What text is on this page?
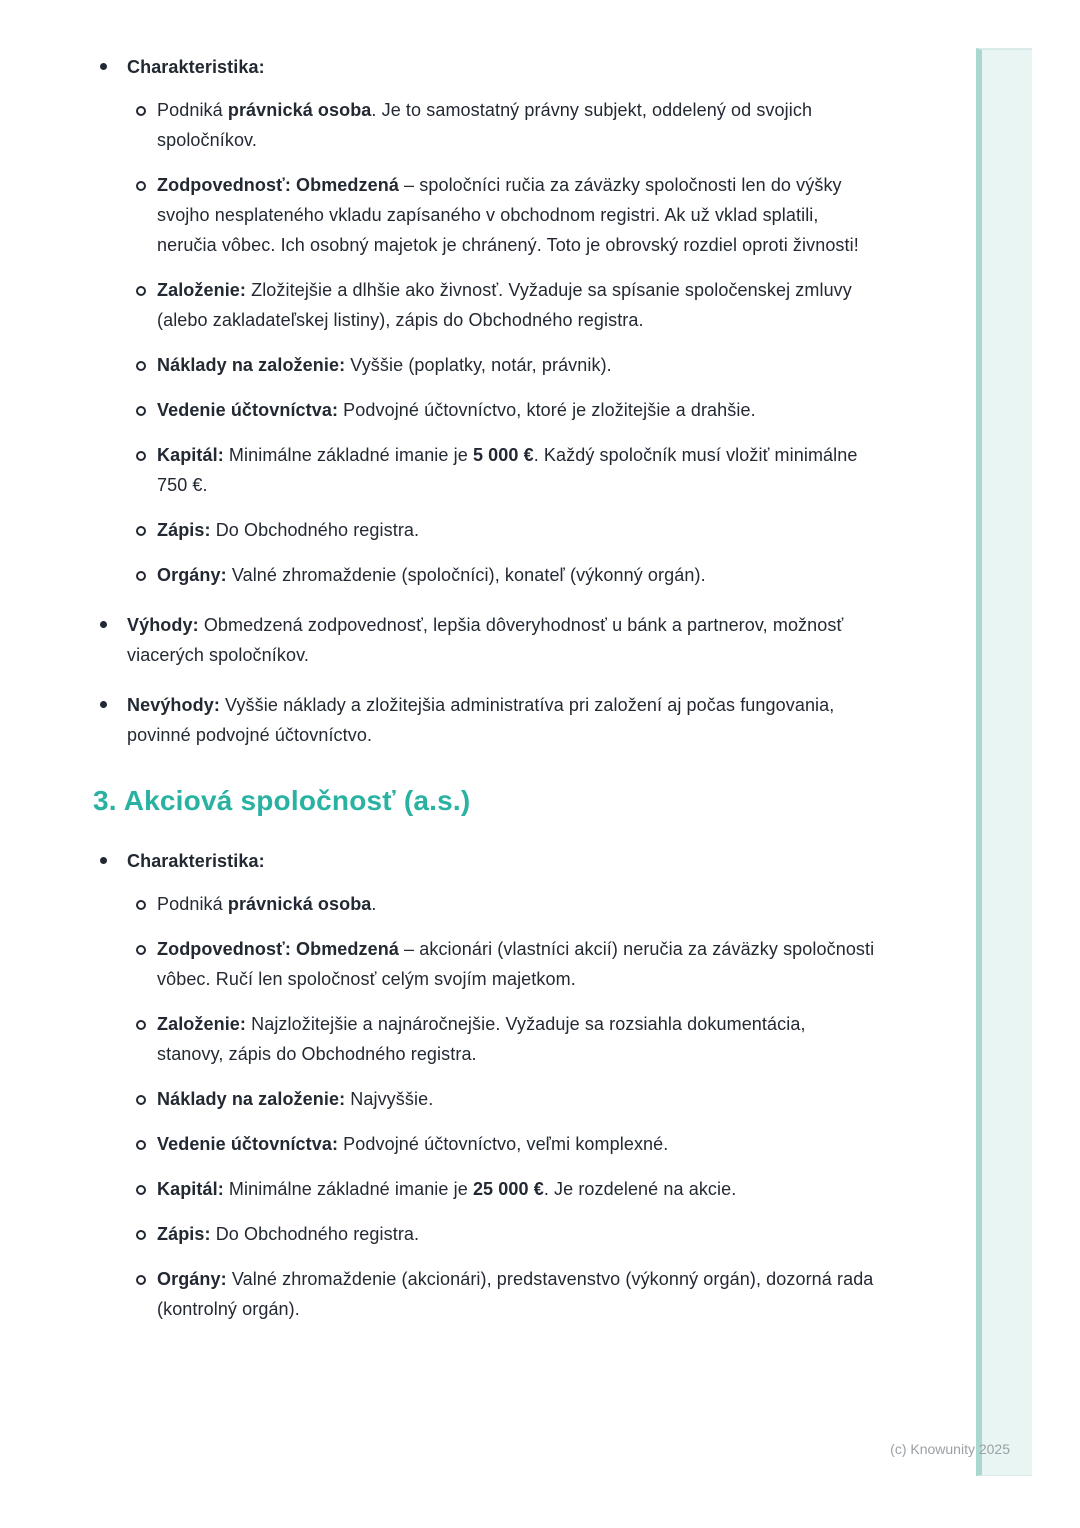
Charakteristika:
Podniká právnická osoba. Je to samostatný právny subjekt, oddelený od svojich spoločníkov.
Zodpovednosť: Obmedzená – spoločníci ručia za záväzky spoločnosti len do výšky svojho nesplateného vkladu zapísaného v obchodnom registri. Ak už vklad splatili, neručia vôbec. Ich osobný majetok je chránený. Toto je obrovský rozdiel oproti živnosti!
Založenie: Zložitejšie a dlhšie ako živnosť. Vyžaduje sa spísanie spoločenskej zmluvy (alebo zakladateľskej listiny), zápis do Obchodného registra.
Náklady na založenie: Vyššie (poplatky, notár, právnik).
Vedenie účtovníctva: Podvojné účtovníctvo, ktoré je zložitejšie a drahšie.
Kapitál: Minimálne základné imanie je 5 000 €. Každý spoločník musí vložiť minimálne 750 €.
Zápis: Do Obchodného registra.
Orgány: Valné zhromaždenie (spoločníci), konateľ (výkonný orgán).
Výhody: Obmedzená zodpovednosť, lepšia dôveryhodnosť u bánk a partnerov, možnosť viacerých spoločníkov.
Nevýhody: Vyššie náklady a zložitejšia administratíva pri založení aj počas fungovania, povinné podvojné účtovníctvo.
3. Akciová spoločnosť (a.s.)
Charakteristika:
Podniká právnická osoba.
Zodpovednosť: Obmedzená – akcionári (vlastníci akcií) neručia za záväzky spoločnosti vôbec. Ručí len spoločnosť celým svojím majetkom.
Založenie: Najzložitejšie a najnáročnejšie. Vyžaduje sa rozsiahla dokumentácia, stanovy, zápis do Obchodného registra.
Náklady na založenie: Najvyššie.
Vedenie účtovníctva: Podvojné účtovníctvo, veľmi komplexné.
Kapitál: Minimálne základné imanie je 25 000 €. Je rozdelené na akcie.
Zápis: Do Obchodného registra.
Orgány: Valné zhromaždenie (akcionári), predstavenstvo (výkonný orgán), dozorná rada (kontrolný orgán).
(c) Knowunity 2025
